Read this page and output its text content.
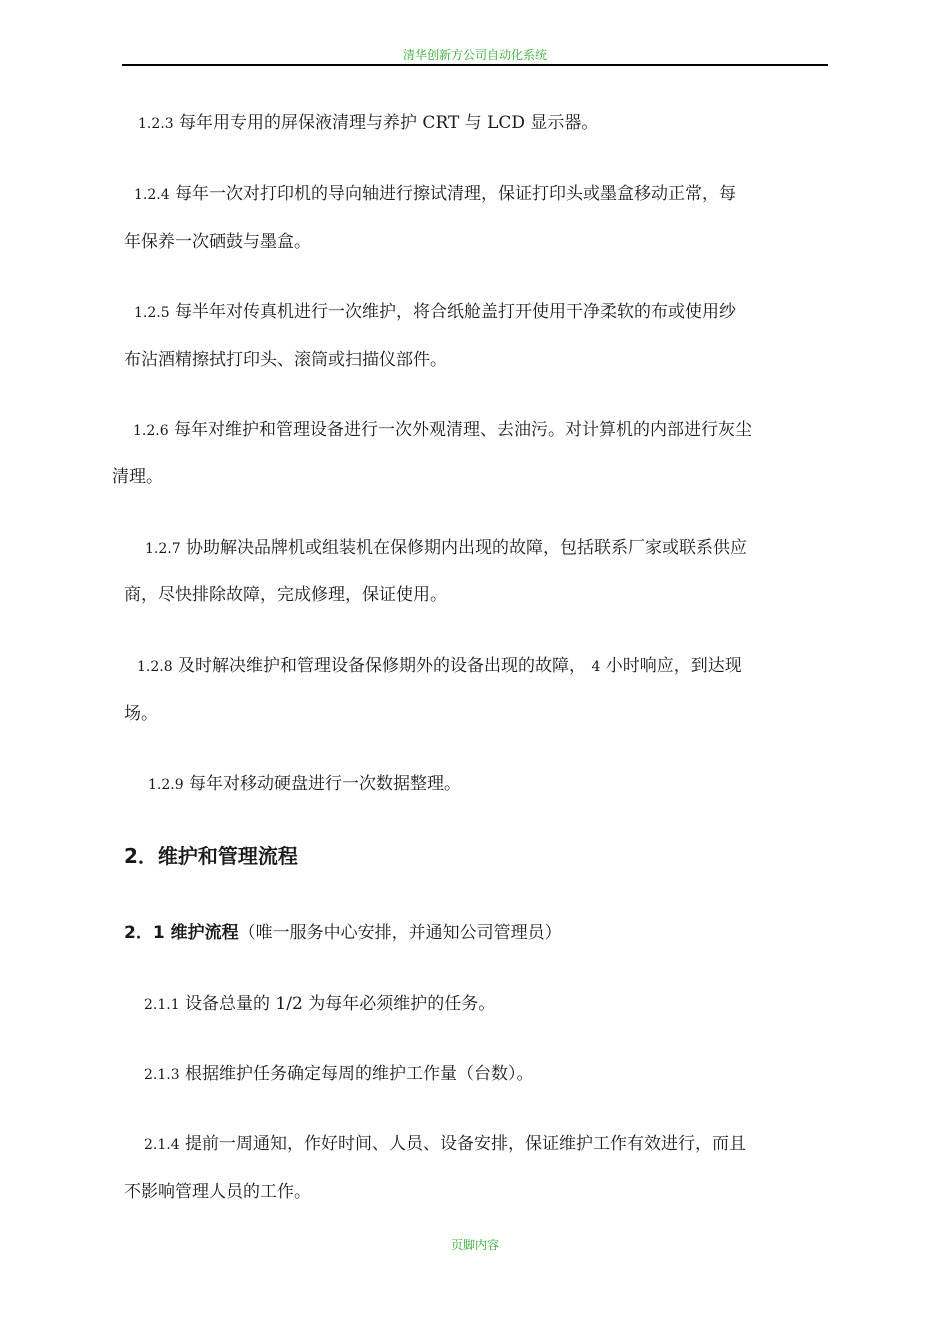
清华创新方公司自动化系统
1.2.3 每年用专用的屏保液清理与养护 CRT 与 LCD 显示器。
1.2.4 每年一次对打印机的导向轴进行擦试清理，保证打印头或墨盒移动正常，每
年保养一次硒鼓与墨盒。
1.2.5 每半年对传真机进行一次维护，将合纸舱盖打开使用干净柔软的布或使用纱
布沾酒精擦拭打印头、滚筒或扫描仪部件。
1.2.6 每年对维护和管理设备进行一次外观清理、去油污。对计算机的内部进行灰尘
清理。
1.2.7 协助解决品牌机或组装机在保修期内出现的故障，包括联系厂家或联系供应
商，尽快排除故障，完成修理，保证使用。
1.2.8 及时解决维护和管理设备保修期外的设备出现的故障， 4 小时响应，到达现
场。
1.2.9 每年对移动硬盘进行一次数据整理。
2．维护和管理流程
2．1 维护流程（唯一服务中心安排，并通知公司管理员）
2.1.1 设备总量的 1/2 为每年必须维护的任务。
2.1.3 根据维护任务确定每周的维护工作量（台数）。
2.1.4 提前一周通知，作好时间、人员、设备安排，保证维护工作有效进行，而且
不影响管理人员的工作。
页脚内容
